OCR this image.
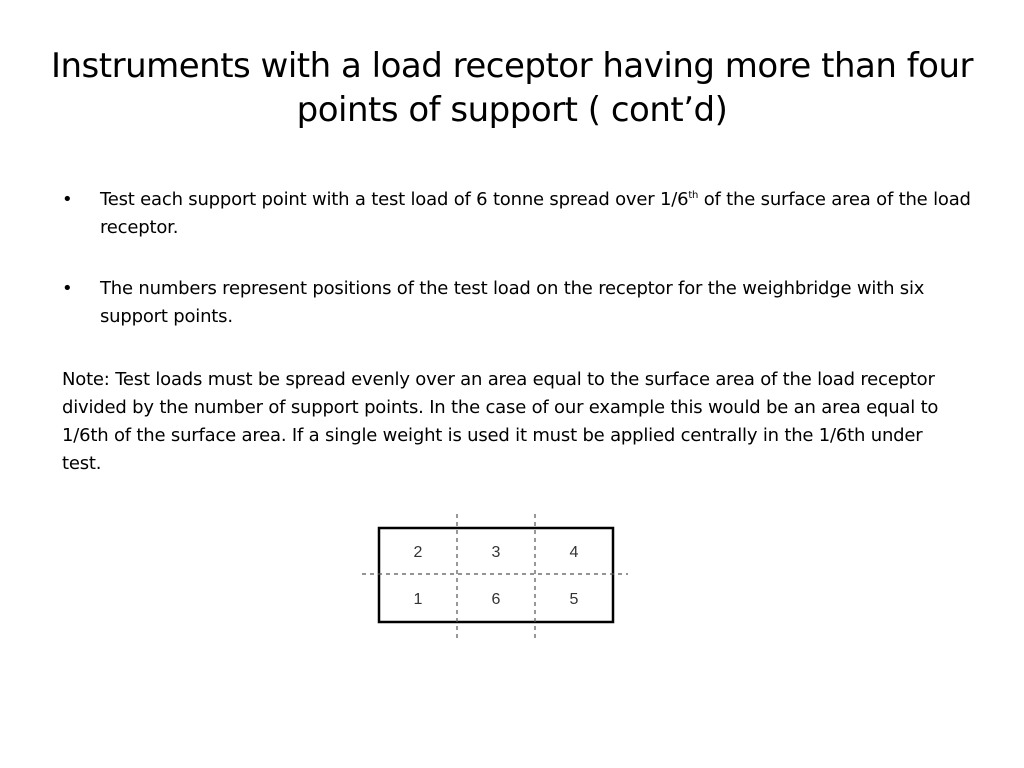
Instruments with a load receptor having more than four points of support ( cont’d)
• Test each support point with a test load of 6 tonne spread over 1/6th of the surface area of the load receptor.
• The numbers represent positions of the test load on the receptor for the weighbridge with six support points.
Note: Test loads must be spread evenly over an area equal to the surface area of the load receptor divided by the number of support points. In the case of our example this would be an area equal to 1/6th of the surface area. If a single weight is used it must be applied centrally in the 1/6th under test.
2	3	4
1	6	5
